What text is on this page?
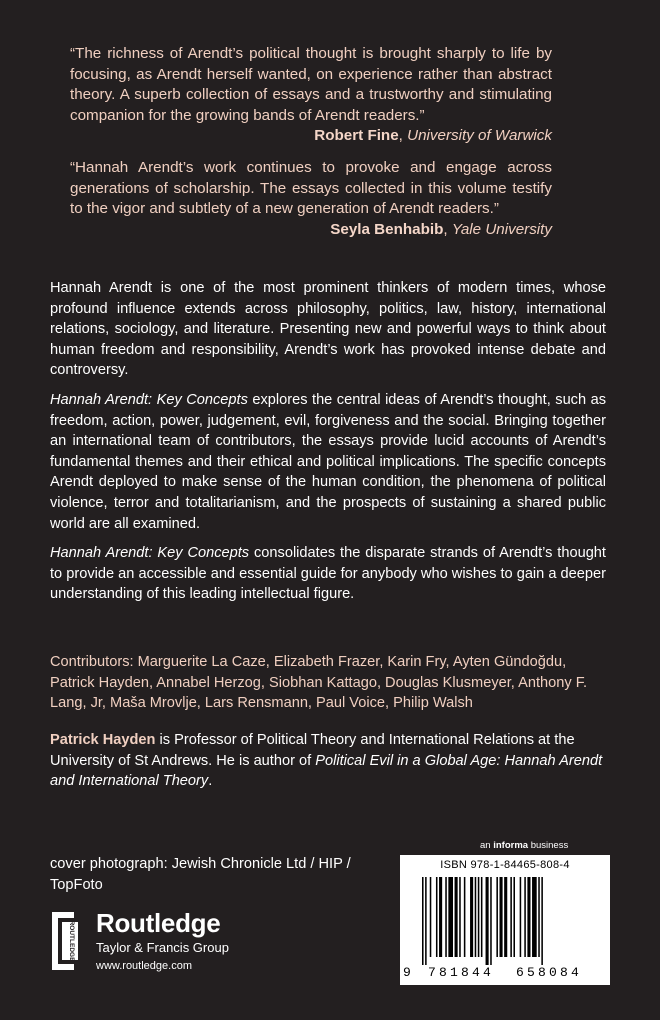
“The richness of Arendt’s political thought is brought sharply to life by focusing, as Arendt herself wanted, on experience rather than abstract theory. A superb collection of essays and a trustworthy and stimulating companion for the growing bands of Arendt readers.”
Robert Fine, University of Warwick
“Hannah Arendt’s work continues to provoke and engage across generations of scholarship. The essays collected in this volume testify to the vigor and subtlety of a new generation of Arendt readers.”
Seyla Benhabib, Yale University

Hannah Arendt is one of the most prominent thinkers of modern times, whose profound influence extends across philosophy, politics, law, history, international relations, sociology, and literature. Presenting new and powerful ways to think about human freedom and responsibility, Arendt’s work has provoked intense debate and controversy.

Hannah Arendt: Key Concepts explores the central ideas of Arendt’s thought, such as freedom, action, power, judgement, evil, forgiveness and the social. Bringing together an international team of contributors, the essays provide lucid accounts of Arendt’s fundamental themes and their ethical and political implications. The specific concepts Arendt deployed to make sense of the human condition, the phenomena of political violence, terror and totalitarianism, and the prospects of sustaining a shared public world are all examined.

Hannah Arendt: Key Concepts consolidates the disparate strands of Arendt’s thought to provide an accessible and essential guide for anybody who wishes to gain a deeper understanding of this leading intellectual figure.

Contributors: Marguerite La Caze, Elizabeth Frazer, Karin Fry, Ayten Gündoğdu, Patrick Hayden, Annabel Herzog, Siobhan Kattago, Douglas Klusmeyer, Anthony F. Lang, Jr, Maša Mrovlje, Lars Rensmann, Paul Voice, Philip Walsh
Patrick Hayden is Professor of Political Theory and International Relations at the University of St Andrews. He is author of Political Evil in a Global Age: Hannah Arendt and International Theory.
cover photograph: Jewish Chronicle Ltd / HIP / TopFoto
ROUTLEDGE Routledge
Taylor & Francis Group
www.routledge.com
an informa business
ISBN 978-1-84465-808-4
9 781844 658084
